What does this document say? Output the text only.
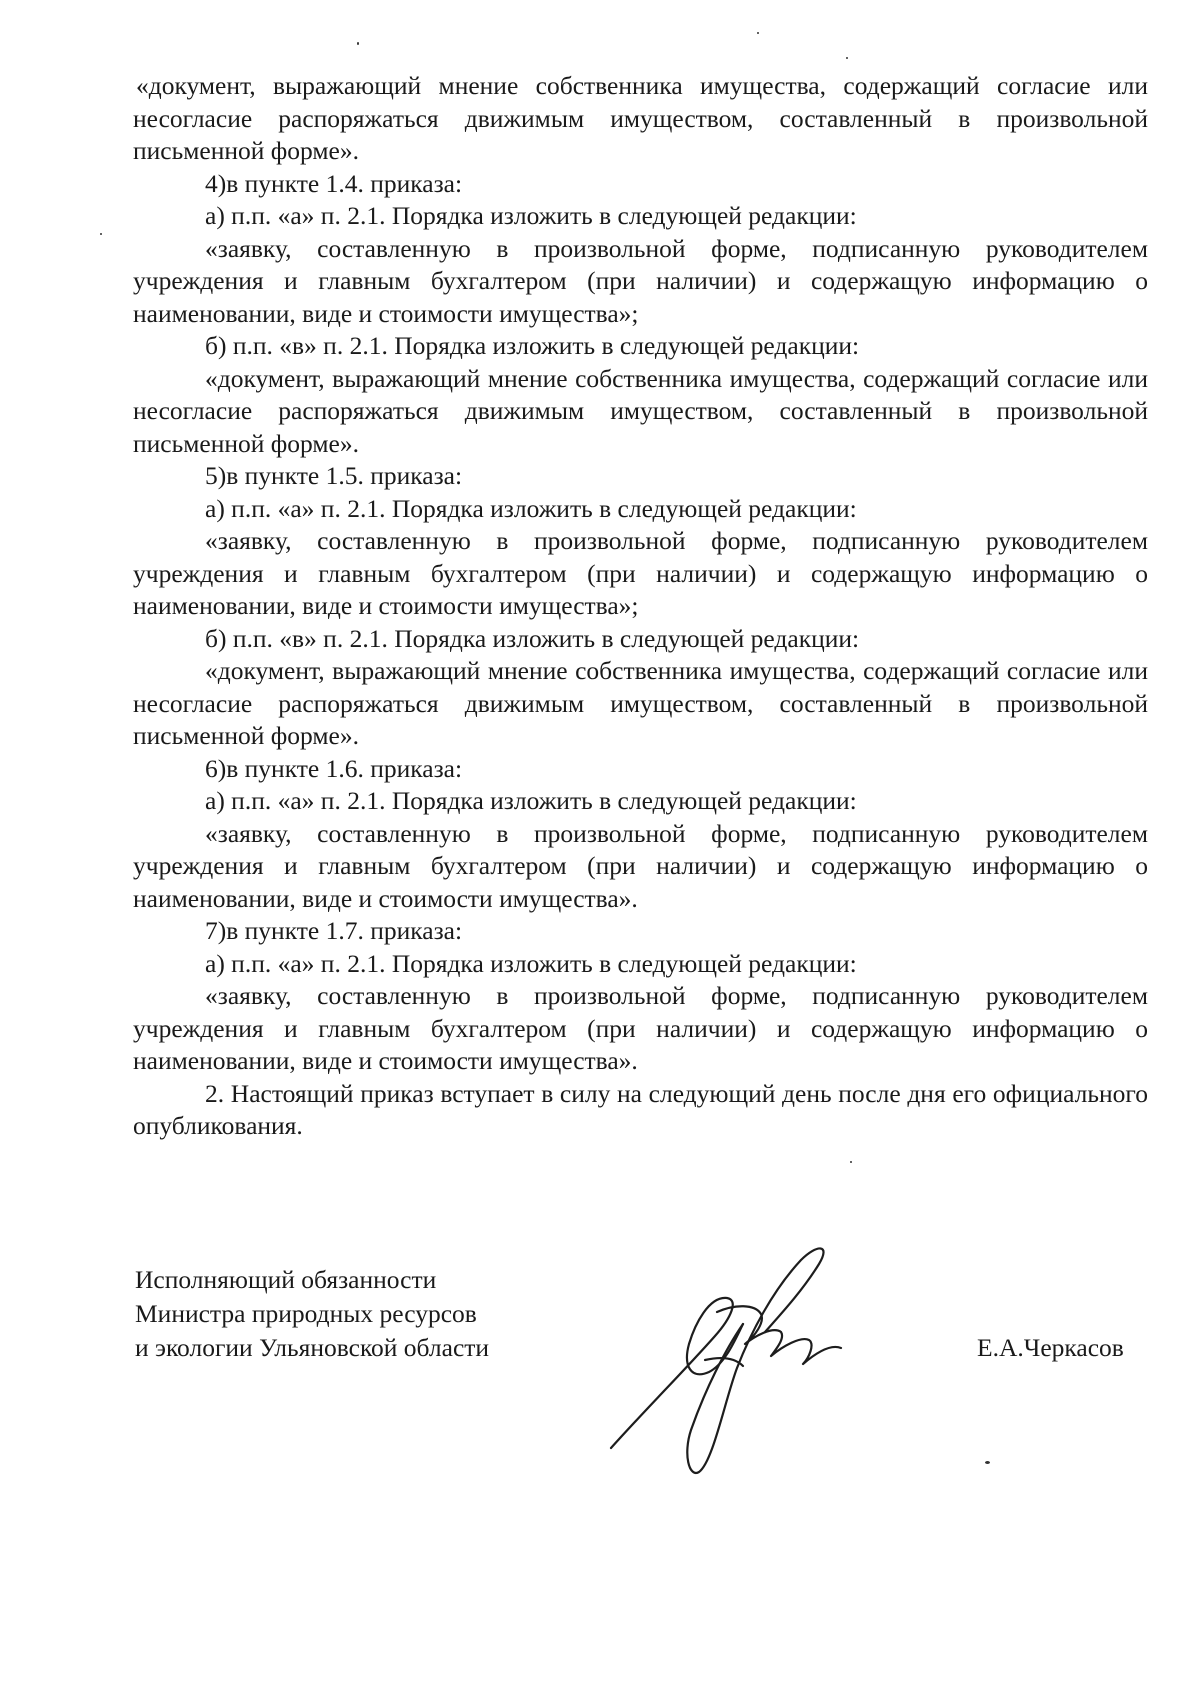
«документ, выражающий мнение собственника имущества, содержащий согласие или несогласие распоряжаться движимым имуществом, составленный в произвольной письменной форме».

4)в пункте 1.4. приказа:

а) п.п. «а» п. 2.1. Порядка изложить в следующей редакции:

«заявку, составленную в произвольной форме, подписанную руководителем учреждения и главным бухгалтером (при наличии) и содержащую информацию о наименовании, виде и стоимости имущества»;

б) п.п. «в» п. 2.1. Порядка изложить в следующей редакции:

«документ, выражающий мнение собственника имущества, содержащий согласие или несогласие распоряжаться движимым имуществом, составленный в произвольной письменной форме».

5)в пункте 1.5. приказа:

а) п.п. «а» п. 2.1. Порядка изложить в следующей редакции:

«заявку, составленную в произвольной форме, подписанную руководителем учреждения и главным бухгалтером (при наличии) и содержащую информацию о наименовании, виде и стоимости имущества»;

б) п.п. «в» п. 2.1. Порядка изложить в следующей редакции:

«документ, выражающий мнение собственника имущества, содержащий согласие или несогласие распоряжаться движимым имуществом, составленный в произвольной письменной форме».

6)в пункте 1.6. приказа:

а) п.п. «а» п. 2.1. Порядка изложить в следующей редакции:

«заявку, составленную в произвольной форме, подписанную руководителем учреждения и главным бухгалтером (при наличии) и содержащую информацию о наименовании, виде и стоимости имущества».

7)в пункте 1.7. приказа:

а) п.п. «а» п. 2.1. Порядка изложить в следующей редакции:

«заявку, составленную в произвольной форме, подписанную руководителем учреждения и главным бухгалтером (при наличии) и содержащую информацию о наименовании, виде и стоимости имущества».

2. Настоящий приказ вступает в силу на следующий день после дня его официального опубликования.

Исполняющий обязанности
Министра природных ресурсов
и экологии Ульяновской области	Е.А.Черкасов
